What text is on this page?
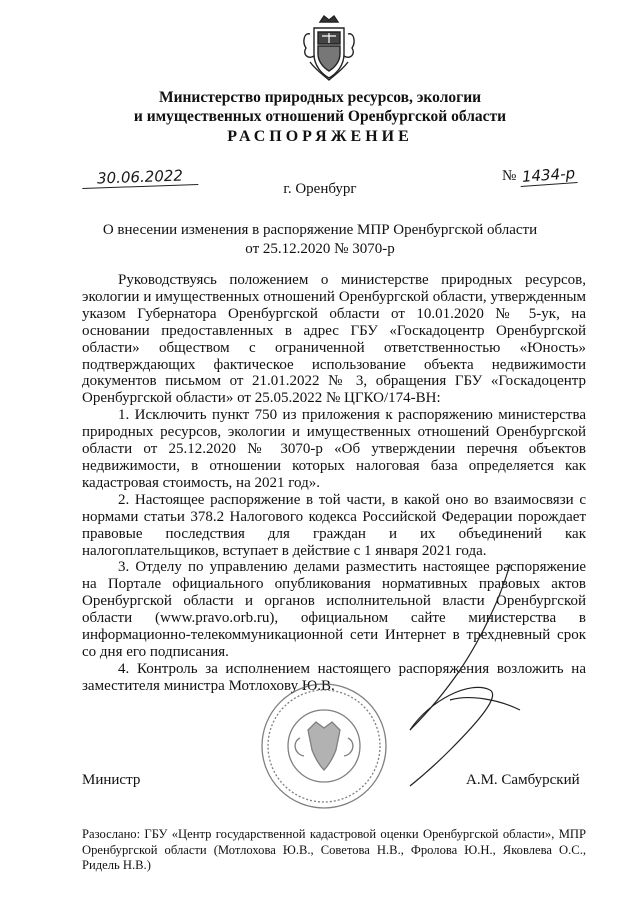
Министерство природных ресурсов, экологии
и имущественных отношений Оренбургской области
РАСПОРЯЖЕНИЕ
30.06.2022	№ 1434-р
г. Оренбург
О внесении изменения в распоряжение МПР Оренбургской области
от 25.12.2020 № 3070-р

Руководствуясь положением о министерстве природных ресурсов, экологии и имущественных отношений Оренбургской области, утвержденным указом Губернатора Оренбургской области от 10.01.2020 № 5-ук, на основании предоставленных в адрес ГБУ «Госкадоцентр Оренбургской области» обществом с ограниченной ответственностью «Юность» подтверждающих фактическое использование объекта недвижимости документов письмом от 21.01.2022 № 3, обращения ГБУ «Госкадоцентр Оренбургской области» от 25.05.2022 № ЦГКО/174-ВН:

1. Исключить пункт 750 из приложения к распоряжению министерства природных ресурсов, экологии и имущественных отношений Оренбургской области от 25.12.2020 № 3070-р «Об утверждении перечня объектов недвижимости, в отношении которых налоговая база определяется как кадастровая стоимость, на 2021 год».

2. Настоящее распоряжение в той части, в какой оно во взаимосвязи с нормами статьи 378.2 Налогового кодекса Российской Федерации порождает правовые последствия для граждан и их объединений как налогоплательщиков, вступает в действие с 1 января 2021 года.

3. Отделу по управлению делами разместить настоящее распоряжение на Портале официального опубликования нормативных правовых актов Оренбургской области и органов исполнительной власти Оренбургской области (www.pravo.orb.ru), официальном сайте министерства в информационно-телекоммуникационной сети Интернет в трехдневный срок со дня его подписания.

4. Контроль за исполнением настоящего распоряжения возложить на заместителя министра Мотлохову Ю.В.

Министр	А.М. Самбурский
Разослано: ГБУ «Центр государственной кадастровой оценки Оренбургской области», МПР Оренбургской области (Мотлохова Ю.В., Советова Н.В., Фролова Ю.Н., Яковлева О.С., Ридель Н.В.)
